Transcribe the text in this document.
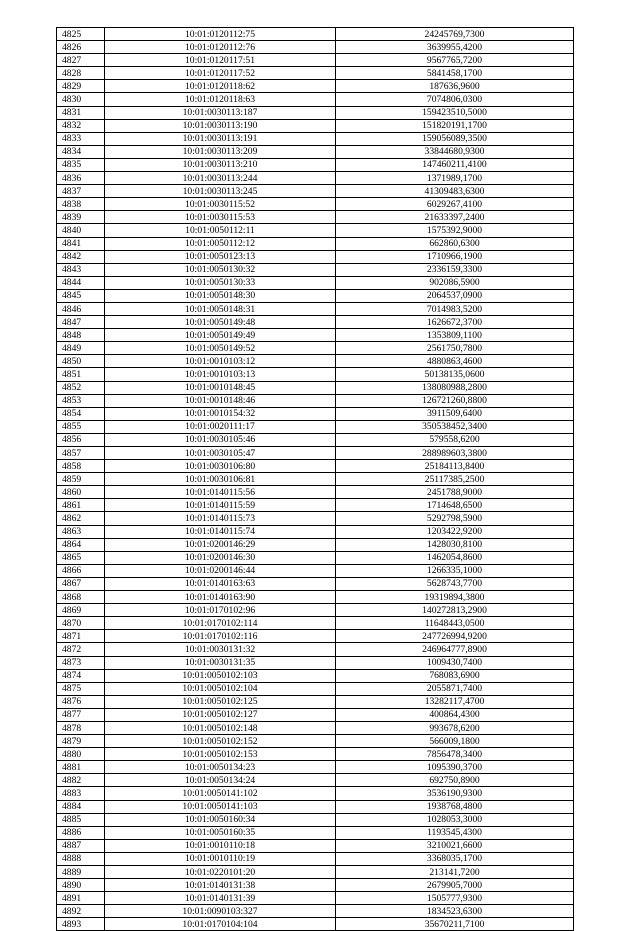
4825	10:01:0120112:75	24245769,7300
4826	10:01:0120112:76	3639955,4200
4827	10:01:0120117:51	9567765,7200
4828	10:01:0120117:52	5841458,1700
4829	10:01:0120118:62	187636,9600
4830	10:01:0120118:63	7074806,0300
4831	10:01:0030113:187	159423510,5000
4832	10:01:0030113:190	151820191,1700
4833	10:01:0030113:191	159056089,3500
4834	10:01:0030113:209	33844680,9300
4835	10:01:0030113:210	147460211,4100
4836	10:01:0030113:244	1371989,1700
4837	10:01:0030113:245	41309483,6300
4838	10:01:0030115:52	6029267,4100
4839	10:01:0030115:53	21633397,2400
4840	10:01:0050112:11	1575392,9000
4841	10:01:0050112:12	662860,6300
4842	10:01:0050123:13	1710966,1900
4843	10:01:0050130:32	2336159,3300
4844	10:01:0050130:33	902086,5900
4845	10:01:0050148:30	2064537,0900
4846	10:01:0050148:31	7014983,5200
4847	10:01:0050149:48	1626672,3700
4848	10:01:0050149:49	1353809,1100
4849	10:01:0050149:52	2561750,7800
4850	10:01:0010103:12	4880863,4600
4851	10:01:0010103:13	50138135,0600
4852	10:01:0010148:45	138080988,2800
4853	10:01:0010148:46	126721260,8800
4854	10:01:0010154:32	3911509,6400
4855	10:01:0020111:17	350538452,3400
4856	10:01:0030105:46	579558,6200
4857	10:01:0030105:47	288989603,3800
4858	10:01:0030106:80	25184113,8400
4859	10:01:0030106:81	25117385,2500
4860	10:01:0140115:56	2451788,9000
4861	10:01:0140115:59	1714648,6500
4862	10:01:0140115:73	5292798,5900
4863	10:01:0140115:74	1203422,9200
4864	10:01:0200146:29	1428030,8100
4865	10:01:0200146:30	1462054,8600
4866	10:01:0200146:44	1266335,1000
4867	10:01:0140163:63	5628743,7700
4868	10:01:0140163:90	19319894,3800
4869	10:01:0170102:96	140272813,2900
4870	10:01:0170102:114	11648443,0500
4871	10:01:0170102:116	247726994,9200
4872	10:01:0030131:32	246964777,8900
4873	10:01:0030131:35	1009430,7400
4874	10:01:0050102:103	768083,6900
4875	10:01:0050102:104	2055871,7400
4876	10:01:0050102:125	13282117,4700
4877	10:01:0050102:127	400864,4300
4878	10:01:0050102:148	993678,6200
4879	10:01:0050102:152	566009,1800
4880	10:01:0050102:153	7856478,3400
4881	10:01:0050134:23	1095390,3700
4882	10:01:0050134:24	692750,8900
4883	10:01:0050141:102	3536190,9300
4884	10:01:0050141:103	1938768,4800
4885	10:01:0050160:34	1028053,3000
4886	10:01:0050160:35	1193545,4300
4887	10:01:0010110:18	3210021,6600
4888	10:01:0010110:19	3368035,1700
4889	10:01:0220101:20	213141,7200
4890	10:01:0140131:38	2679905,7000
4891	10:01:0140131:39	1505777,9300
4892	10:01:0090103:327	1834523,6300
4893	10:01:0170104:104	35670211,7100
